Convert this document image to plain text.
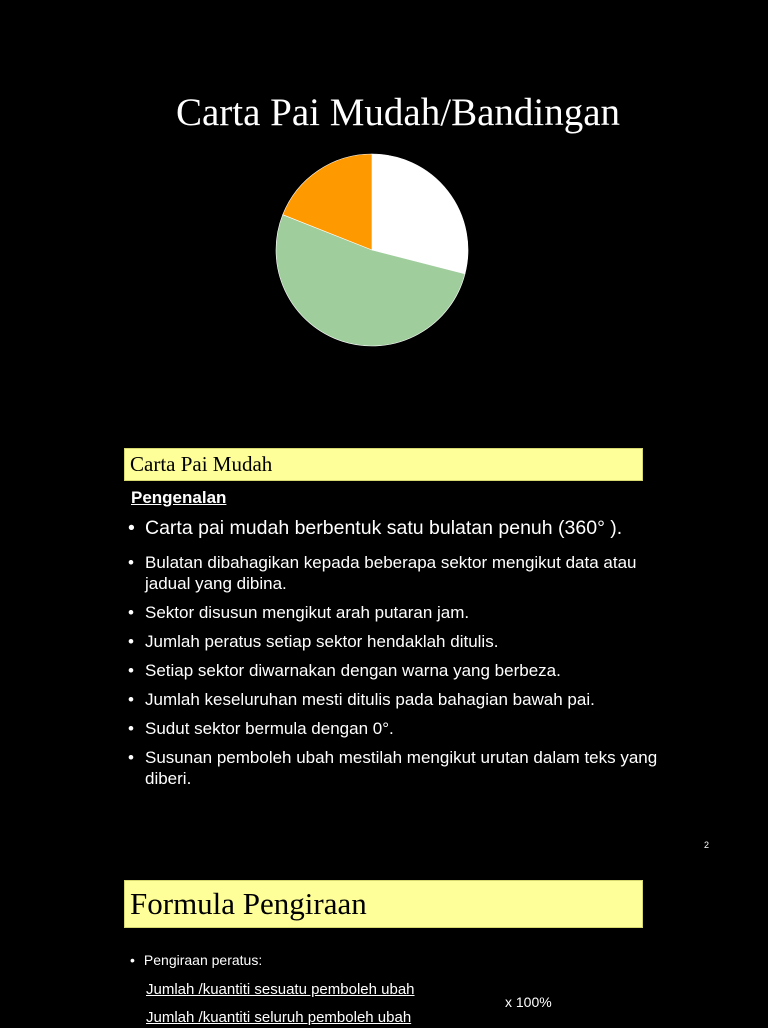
Carta Pai Mudah/Bandingan
Carta Pai Mudah
Pengenalan
• Carta pai mudah berbentuk satu bulatan penuh (360° ).
• Bulatan dibahagikan kepada beberapa sektor mengikut data atau jadual yang dibina.
• Sektor disusun mengikut arah putaran jam.
• Jumlah peratus setiap sektor hendaklah ditulis.
• Setiap sektor diwarnakan dengan warna yang berbeza.
• Jumlah keseluruhan mesti ditulis pada bahagian bawah pai.
• Sudut sektor bermula dengan 0°.
• Susunan pemboleh ubah mestilah mengikut urutan dalam teks yang diberi.
2
Formula Pengiraan
• Pengiraan peratus:
Jumlah /kuantiti sesuatu pemboleh ubah
x 100%
Jumlah /kuantiti seluruh pemboleh ubah
